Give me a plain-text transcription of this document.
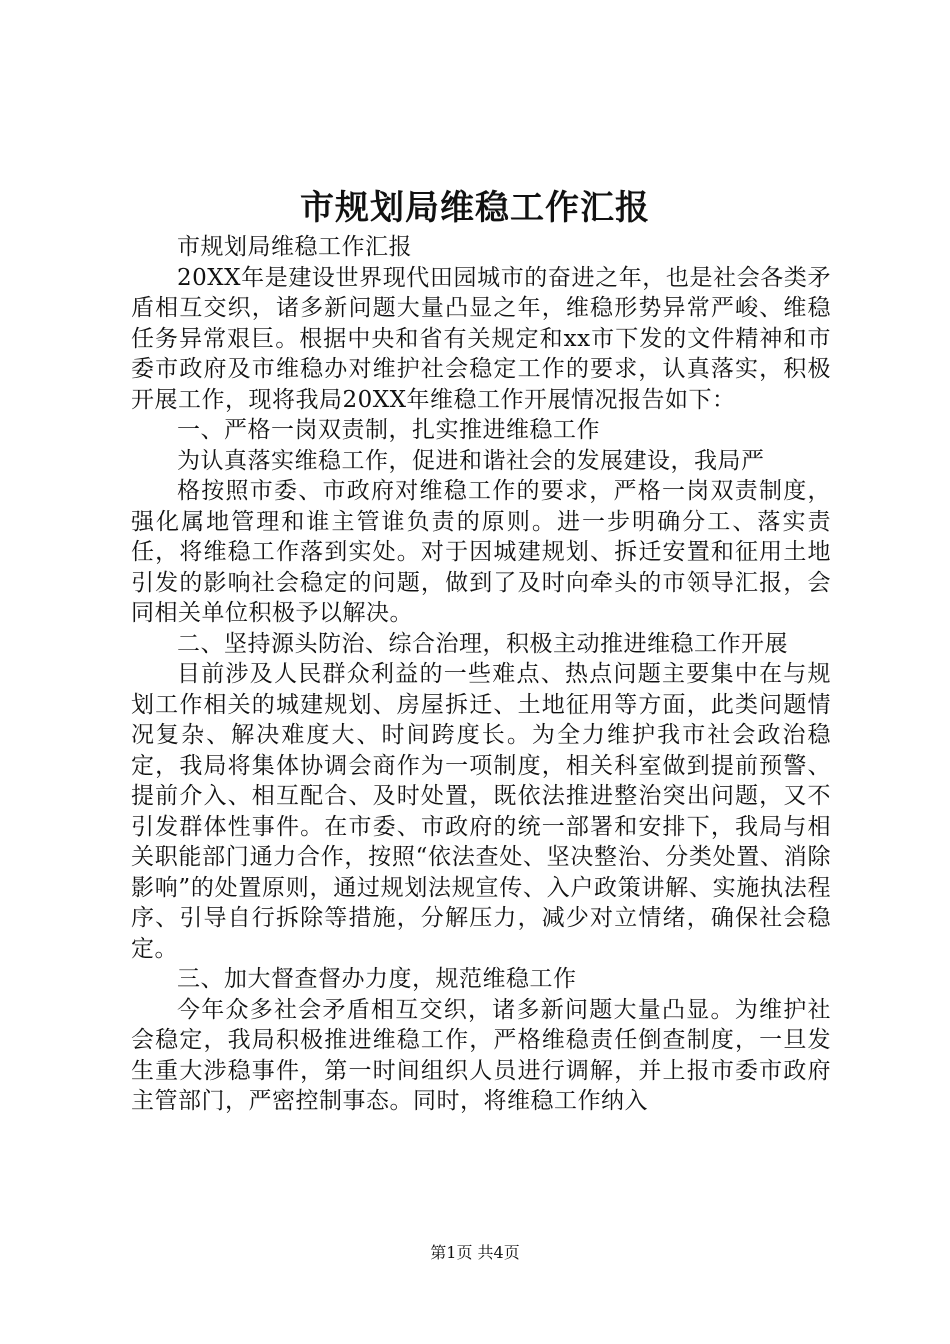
市规划局维稳工作汇报

市规划局维稳工作汇报

20XX年是建设世界现代田园城市的奋进之年，也是社会各类矛盾相互交织，诸多新问题大量凸显之年，维稳形势异常严峻、维稳任务异常艰巨。根据中央和省有关规定和xx市下发的文件精神和市委市政府及市维稳办对维护社会稳定工作的要求，认真落实，积极开展工作，现将我局20XX年维稳工作开展情况报告如下：

一、严格一岗双责制，扎实推进维稳工作

为认真落实维稳工作，促进和谐社会的发展建设，我局严

格按照市委、市政府对维稳工作的要求，严格一岗双责制度，强化属地管理和谁主管谁负责的原则。进一步明确分工、落实责任，将维稳工作落到实处。对于因城建规划、拆迁安置和征用土地引发的影响社会稳定的问题，做到了及时向牵头的市领导汇报，会同相关单位积极予以解决。

二、坚持源头防治、综合治理，积极主动推进维稳工作开展

目前涉及人民群众利益的一些难点、热点问题主要集中在与规划工作相关的城建规划、房屋拆迁、土地征用等方面，此类问题情况复杂、解决难度大、时间跨度长。为全力维护我市社会政治稳定，我局将集体协调会商作为一项制度，相关科室做到提前预警、提前介入、相互配合、及时处置，既依法推进整治突出问题，又不引发群体性事件。在市委、市政府的统一部署和安排下，我局与相关职能部门通力合作，按照“依法查处、坚决整治、分类处置、消除影响”的处置原则，通过规划法规宣传、入户政策讲解、实施执法程序、引导自行拆除等措施，分解压力，减少对立情绪，确保社会稳定。

三、加大督查督办力度，规范维稳工作

今年众多社会矛盾相互交织，诸多新问题大量凸显。为维护社会稳定，我局积极推进维稳工作，严格维稳责任倒查制度，一旦发生重大涉稳事件，第一时间组织人员进行调解，并上报市委市政府主管部门，严密控制事态。同时，将维稳工作纳入

第1页 共4页
